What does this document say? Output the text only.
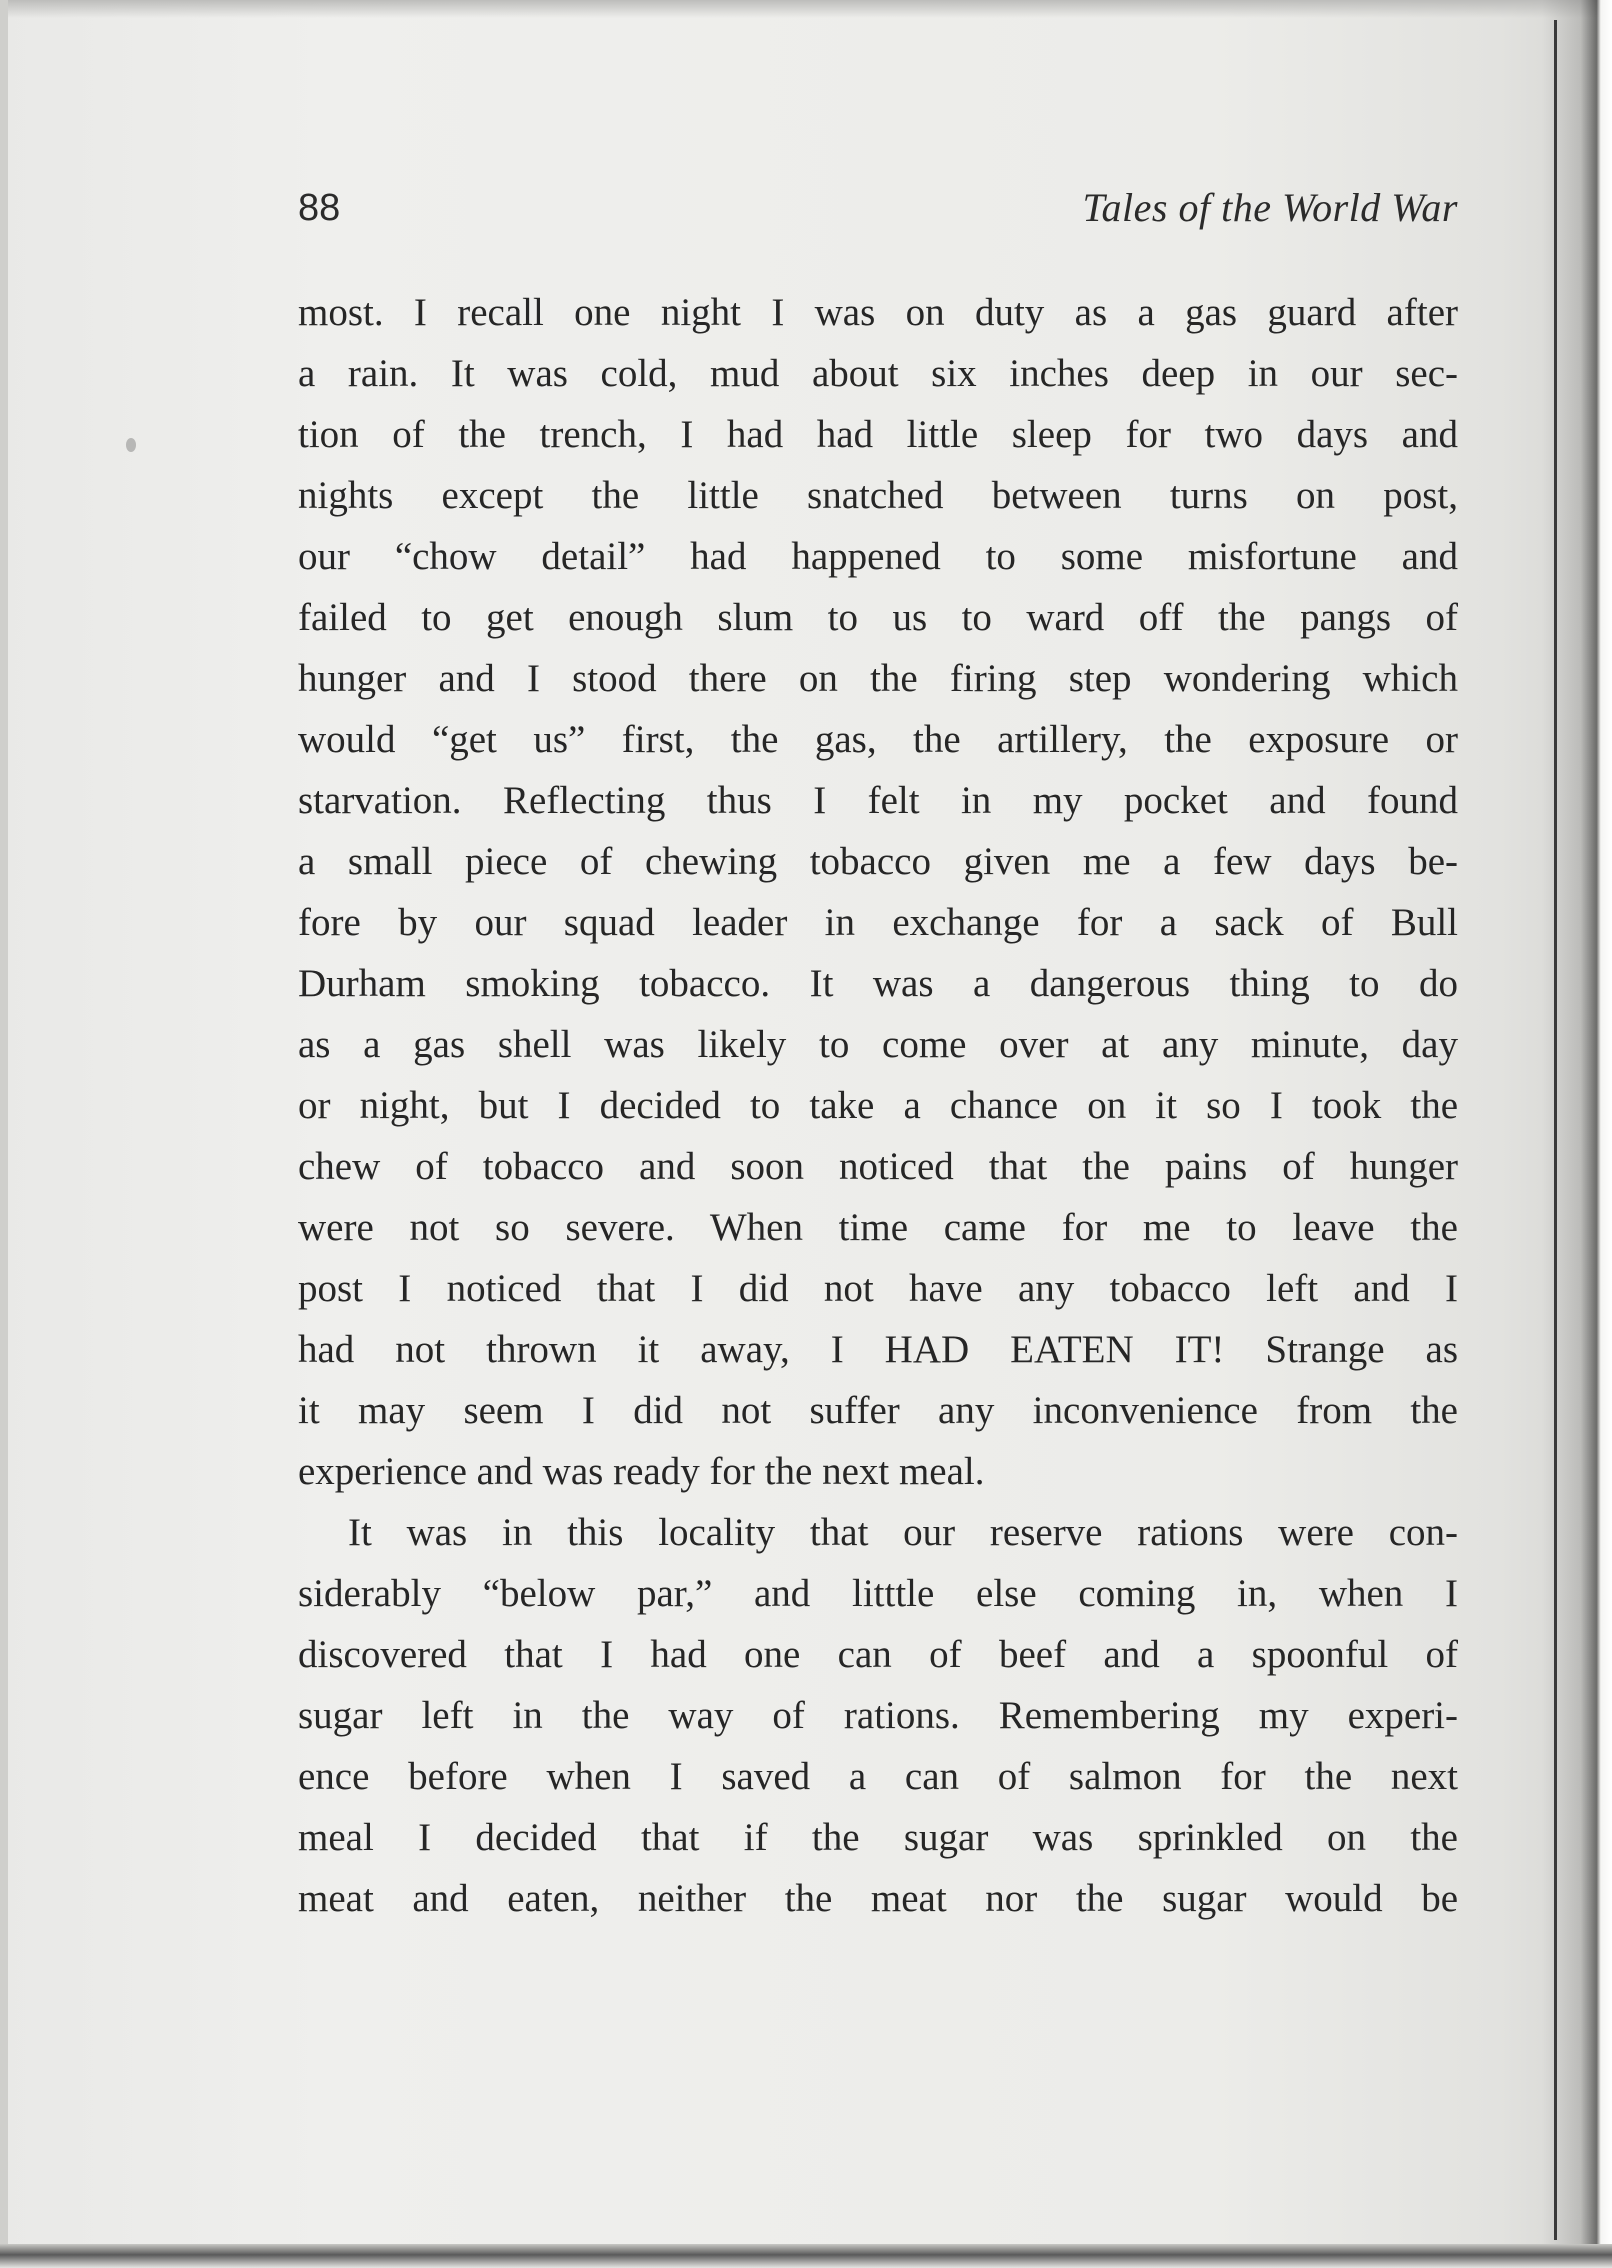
88	Tales of the World War
most. I recall one night I was on duty as a gas guard after
a rain. It was cold, mud about six inches deep in our sec-
tion of the trench, I had had little sleep for two days and
nights except the little snatched between turns on post,
our “chow detail” had happened to some misfortune and
failed to get enough slum to us to ward off the pangs of
hunger and I stood there on the firing step wondering which
would “get us” first, the gas, the artillery, the exposure or
starvation. Reflecting thus I felt in my pocket and found
a small piece of chewing tobacco given me a few days be-
fore by our squad leader in exchange for a sack of Bull
Durham smoking tobacco. It was a dangerous thing to do
as a gas shell was likely to come over at any minute, day
or night, but I decided to take a chance on it so I took the
chew of tobacco and soon noticed that the pains of hunger
were not so severe. When time came for me to leave the
post I noticed that I did not have any tobacco left and I
had not thrown it away, I HAD EATEN IT! Strange as
it may seem I did not suffer any inconvenience from the
experience and was ready for the next meal.
It was in this locality that our reserve rations were con-
siderably “below par,” and litttle else coming in, when I
discovered that I had one can of beef and a spoonful of
sugar left in the way of rations. Remembering my experi-
ence before when I saved a can of salmon for the next
meal I decided that if the sugar was sprinkled on the
meat and eaten, neither the meat nor the sugar would be
